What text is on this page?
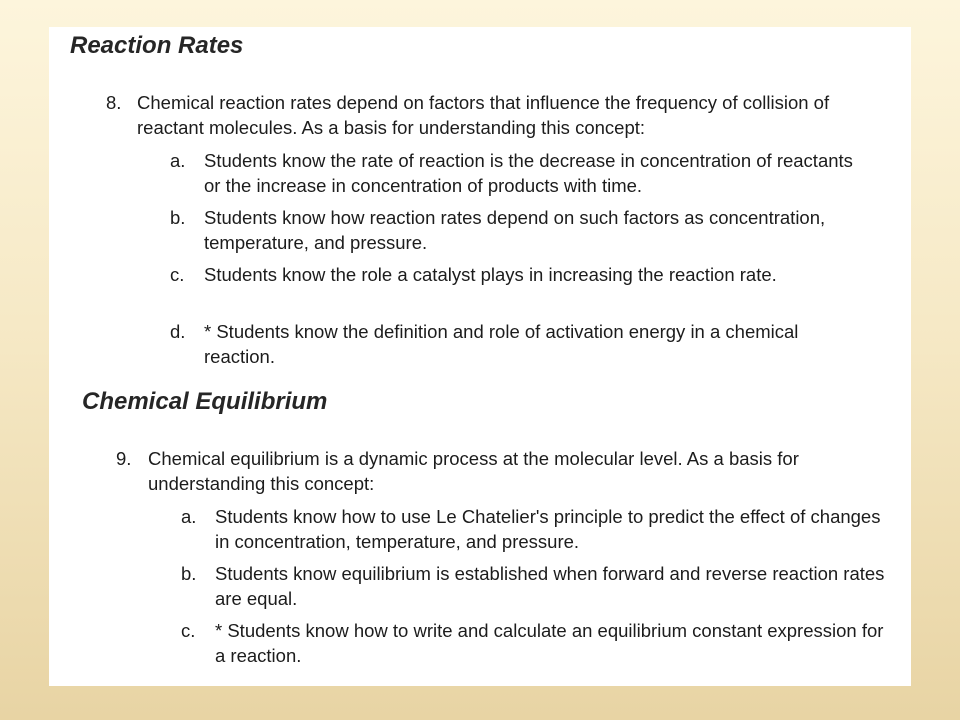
Reaction Rates
8. Chemical reaction rates depend on factors that influence the frequency of collision of reactant molecules. As a basis for understanding this concept:
a. Students know the rate of reaction is the decrease in concentration of reactants or the increase in concentration of products with time.
b. Students know how reaction rates depend on such factors as concentration, temperature, and pressure.
c. Students know the role a catalyst plays in increasing the reaction rate.
d. * Students know the definition and role of activation energy in a chemical reaction.
Chemical Equilibrium
9. Chemical equilibrium is a dynamic process at the molecular level. As a basis for understanding this concept:
a. Students know how to use Le Chatelier's principle to predict the effect of changes in concentration, temperature, and pressure.
b. Students know equilibrium is established when forward and reverse reaction rates are equal.
c. * Students know how to write and calculate an equilibrium constant expression for a reaction.
